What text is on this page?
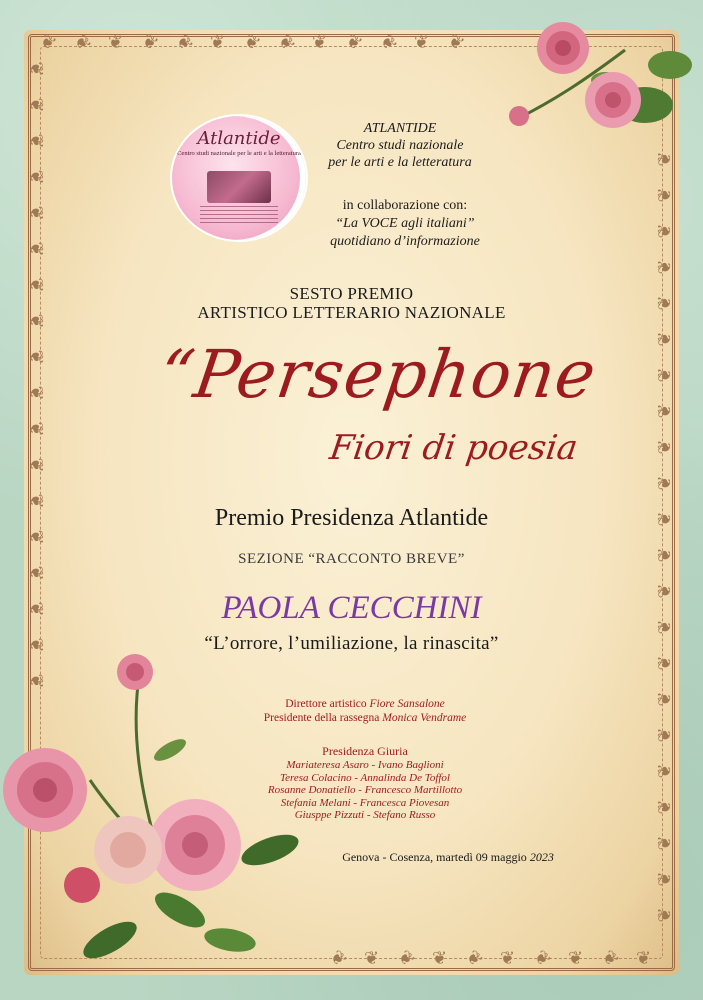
❦ ❦ ❦ ❦ ❦ ❦ ❦ ❦ ❦ ❦ ❦ ❦ ❦
❦ ❦ ❦ ❦ ❦ ❦ ❦ ❦ ❦ ❦
❦
❦
❦
❦
❦
❦
❦
❦
❦
❦
❦
❦
❦
❦
❦
❦
❦
❦
❦
❦
❦
❦
❦
❦
❦
❦
❦
❦
❦
❦
❦
❦
❦
❦
❦
❦
❦
❦
❦
❦
Atlantide
Centro studi nazionale per le arti e la letteratura
ATLANTIDE
Centro studi nazionale
per le arti e la letteratura
in collaborazione con:
“La VOCE agli italiani”
quotidiano d’informazione
SESTO PREMIO
ARTISTICO LETTERARIO NAZIONALE
“Persephone
Fiori di poesia
Premio Presidenza Atlantide
SEZIONE “RACCONTO BREVE”
PAOLA CECCHINI
“L’orrore, l’umiliazione, la rinascita”
Direttore artistico Fiore Sansalone
Presidente della rassegna Monica Vendrame
Presidenza Giuria
Mariateresa Asaro - Ivano Baglioni
Teresa Colacino - Annalinda De Toffol
Rosanne Donatiello - Francesco Martillotto
Stefania Melani - Francesca Piovesan
Giusppe Pizzuti - Stefano Russo
Genova - Cosenza, martedì 09 maggio 2023
